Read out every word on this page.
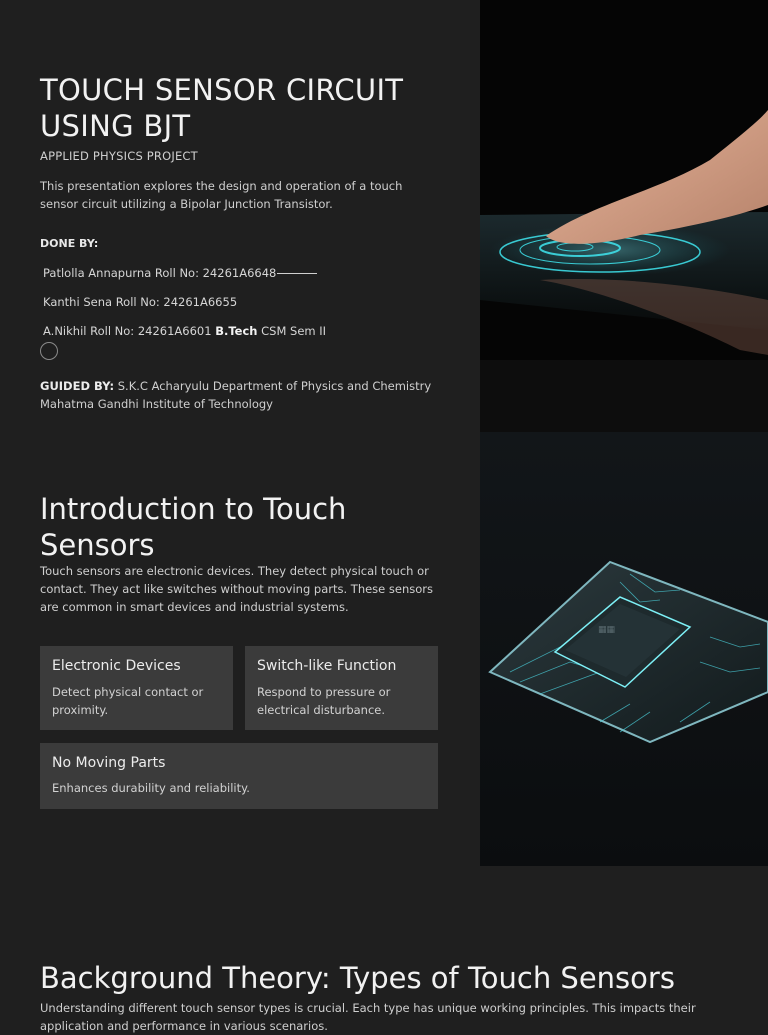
TOUCH SENSOR CIRCUIT USING BJT
APPLIED PHYSICS PROJECT
This presentation explores the design and operation of a touch sensor circuit utilizing a Bipolar Junction Transistor.
DONE BY:
Patlolla Annapurna Roll No: 24261A6648
Kanthi Sena Roll No: 24261A6655
A.Nikhil Roll No: 24261A6601 B.Tech CSM Sem II
GUIDED BY: S.K.C Acharyulu Department of Physics and Chemistry Mahatma Gandhi Institute of Technology
▦▦
Introduction to Touch Sensors
Touch sensors are electronic devices. They detect physical touch or contact. They act like switches without moving parts. These sensors are common in smart devices and industrial systems.
Electronic Devices
Detect physical contact or proximity.
Switch-like Function
Respond to pressure or electrical disturbance.
No Moving Parts
Enhances durability and reliability.
Background Theory: Types of Touch Sensors
Understanding different touch sensor types is crucial. Each type has unique working principles. This impacts their application and performance in various scenarios.
